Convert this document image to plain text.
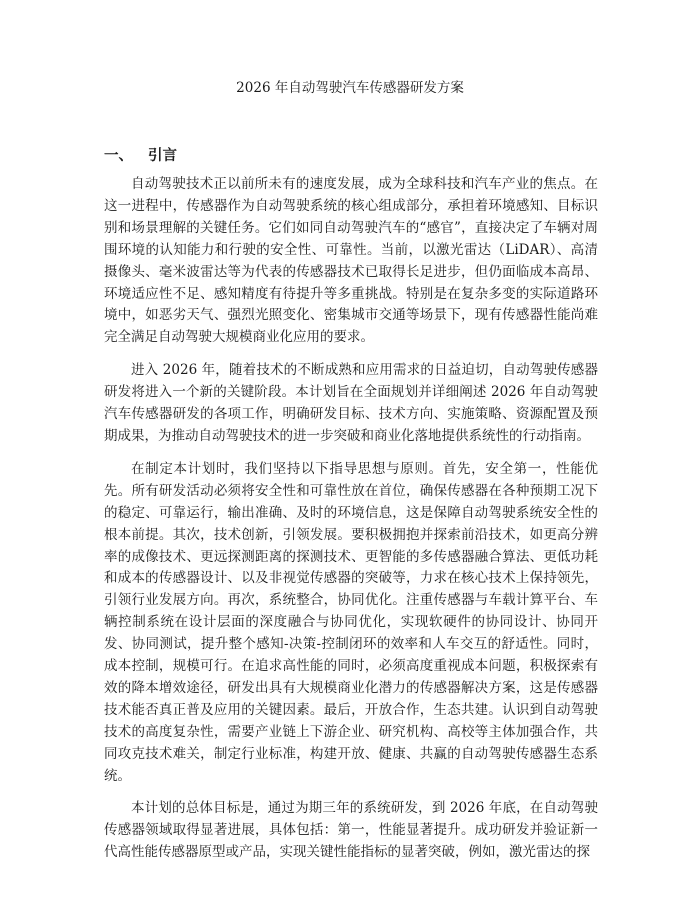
2026 年自动驾驶汽车传感器研发方案
一、 引言

自动驾驶技术正以前所未有的速度发展，成为全球科技和汽车产业的焦点。在这一进程中，传感器作为自动驾驶系统的核心组成部分，承担着环境感知、目标识别和场景理解的关键任务。它们如同自动驾驶汽车的“感官”，直接决定了车辆对周围环境的认知能力和行驶的安全性、可靠性。当前，以激光雷达（LiDAR）、高清摄像头、毫米波雷达等为代表的传感器技术已取得长足进步，但仍面临成本高昂、环境适应性不足、感知精度有待提升等多重挑战。特别是在复杂多变的实际道路环境中，如恶劣天气、强烈光照变化、密集城市交通等场景下，现有传感器性能尚难完全满足自动驾驶大规模商业化应用的要求。

进入 2026 年，随着技术的不断成熟和应用需求的日益迫切，自动驾驶传感器研发将进入一个新的关键阶段。本计划旨在全面规划并详细阐述 2026 年自动驾驶汽车传感器研发的各项工作，明确研发目标、技术方向、实施策略、资源配置及预期成果，为推动自动驾驶技术的进一步突破和商业化落地提供系统性的行动指南。

在制定本计划时，我们坚持以下指导思想与原则。首先，安全第一，性能优先。所有研发活动必须将安全性和可靠性放在首位，确保传感器在各种预期工况下的稳定、可靠运行，输出准确、及时的环境信息，这是保障自动驾驶系统安全性的根本前提。其次，技术创新，引领发展。要积极拥抱并探索前沿技术，如更高分辨率的成像技术、更远探测距离的探测技术、更智能的多传感器融合算法、更低功耗和成本的传感器设计、以及非视觉传感器的突破等，力求在核心技术上保持领先，引领行业发展方向。再次，系统整合，协同优化。注重传感器与车载计算平台、车辆控制系统在设计层面的深度融合与协同优化，实现软硬件的协同设计、协同开发、协同测试，提升整个感知-决策-控制闭环的效率和人车交互的舒适性。同时，成本控制，规模可行。在追求高性能的同时，必须高度重视成本问题，积极探索有效的降本增效途径，研发出具有大规模商业化潜力的传感器解决方案，这是传感器技术能否真正普及应用的关键因素。最后，开放合作，生态共建。认识到自动驾驶技术的高度复杂性，需要产业链上下游企业、研究机构、高校等主体加强合作，共同攻克技术难关，制定行业标准，构建开放、健康、共赢的自动驾驶传感器生态系统。

本计划的总体目标是，通过为期三年的系统研发，到 2026 年底，在自动驾驶传感器领域取得显著进展，具体包括：第一，性能显著提升。成功研发并验证新一代高性能传感器原型或产品，实现关键性能指标的显著突破，例如，激光雷达的探
